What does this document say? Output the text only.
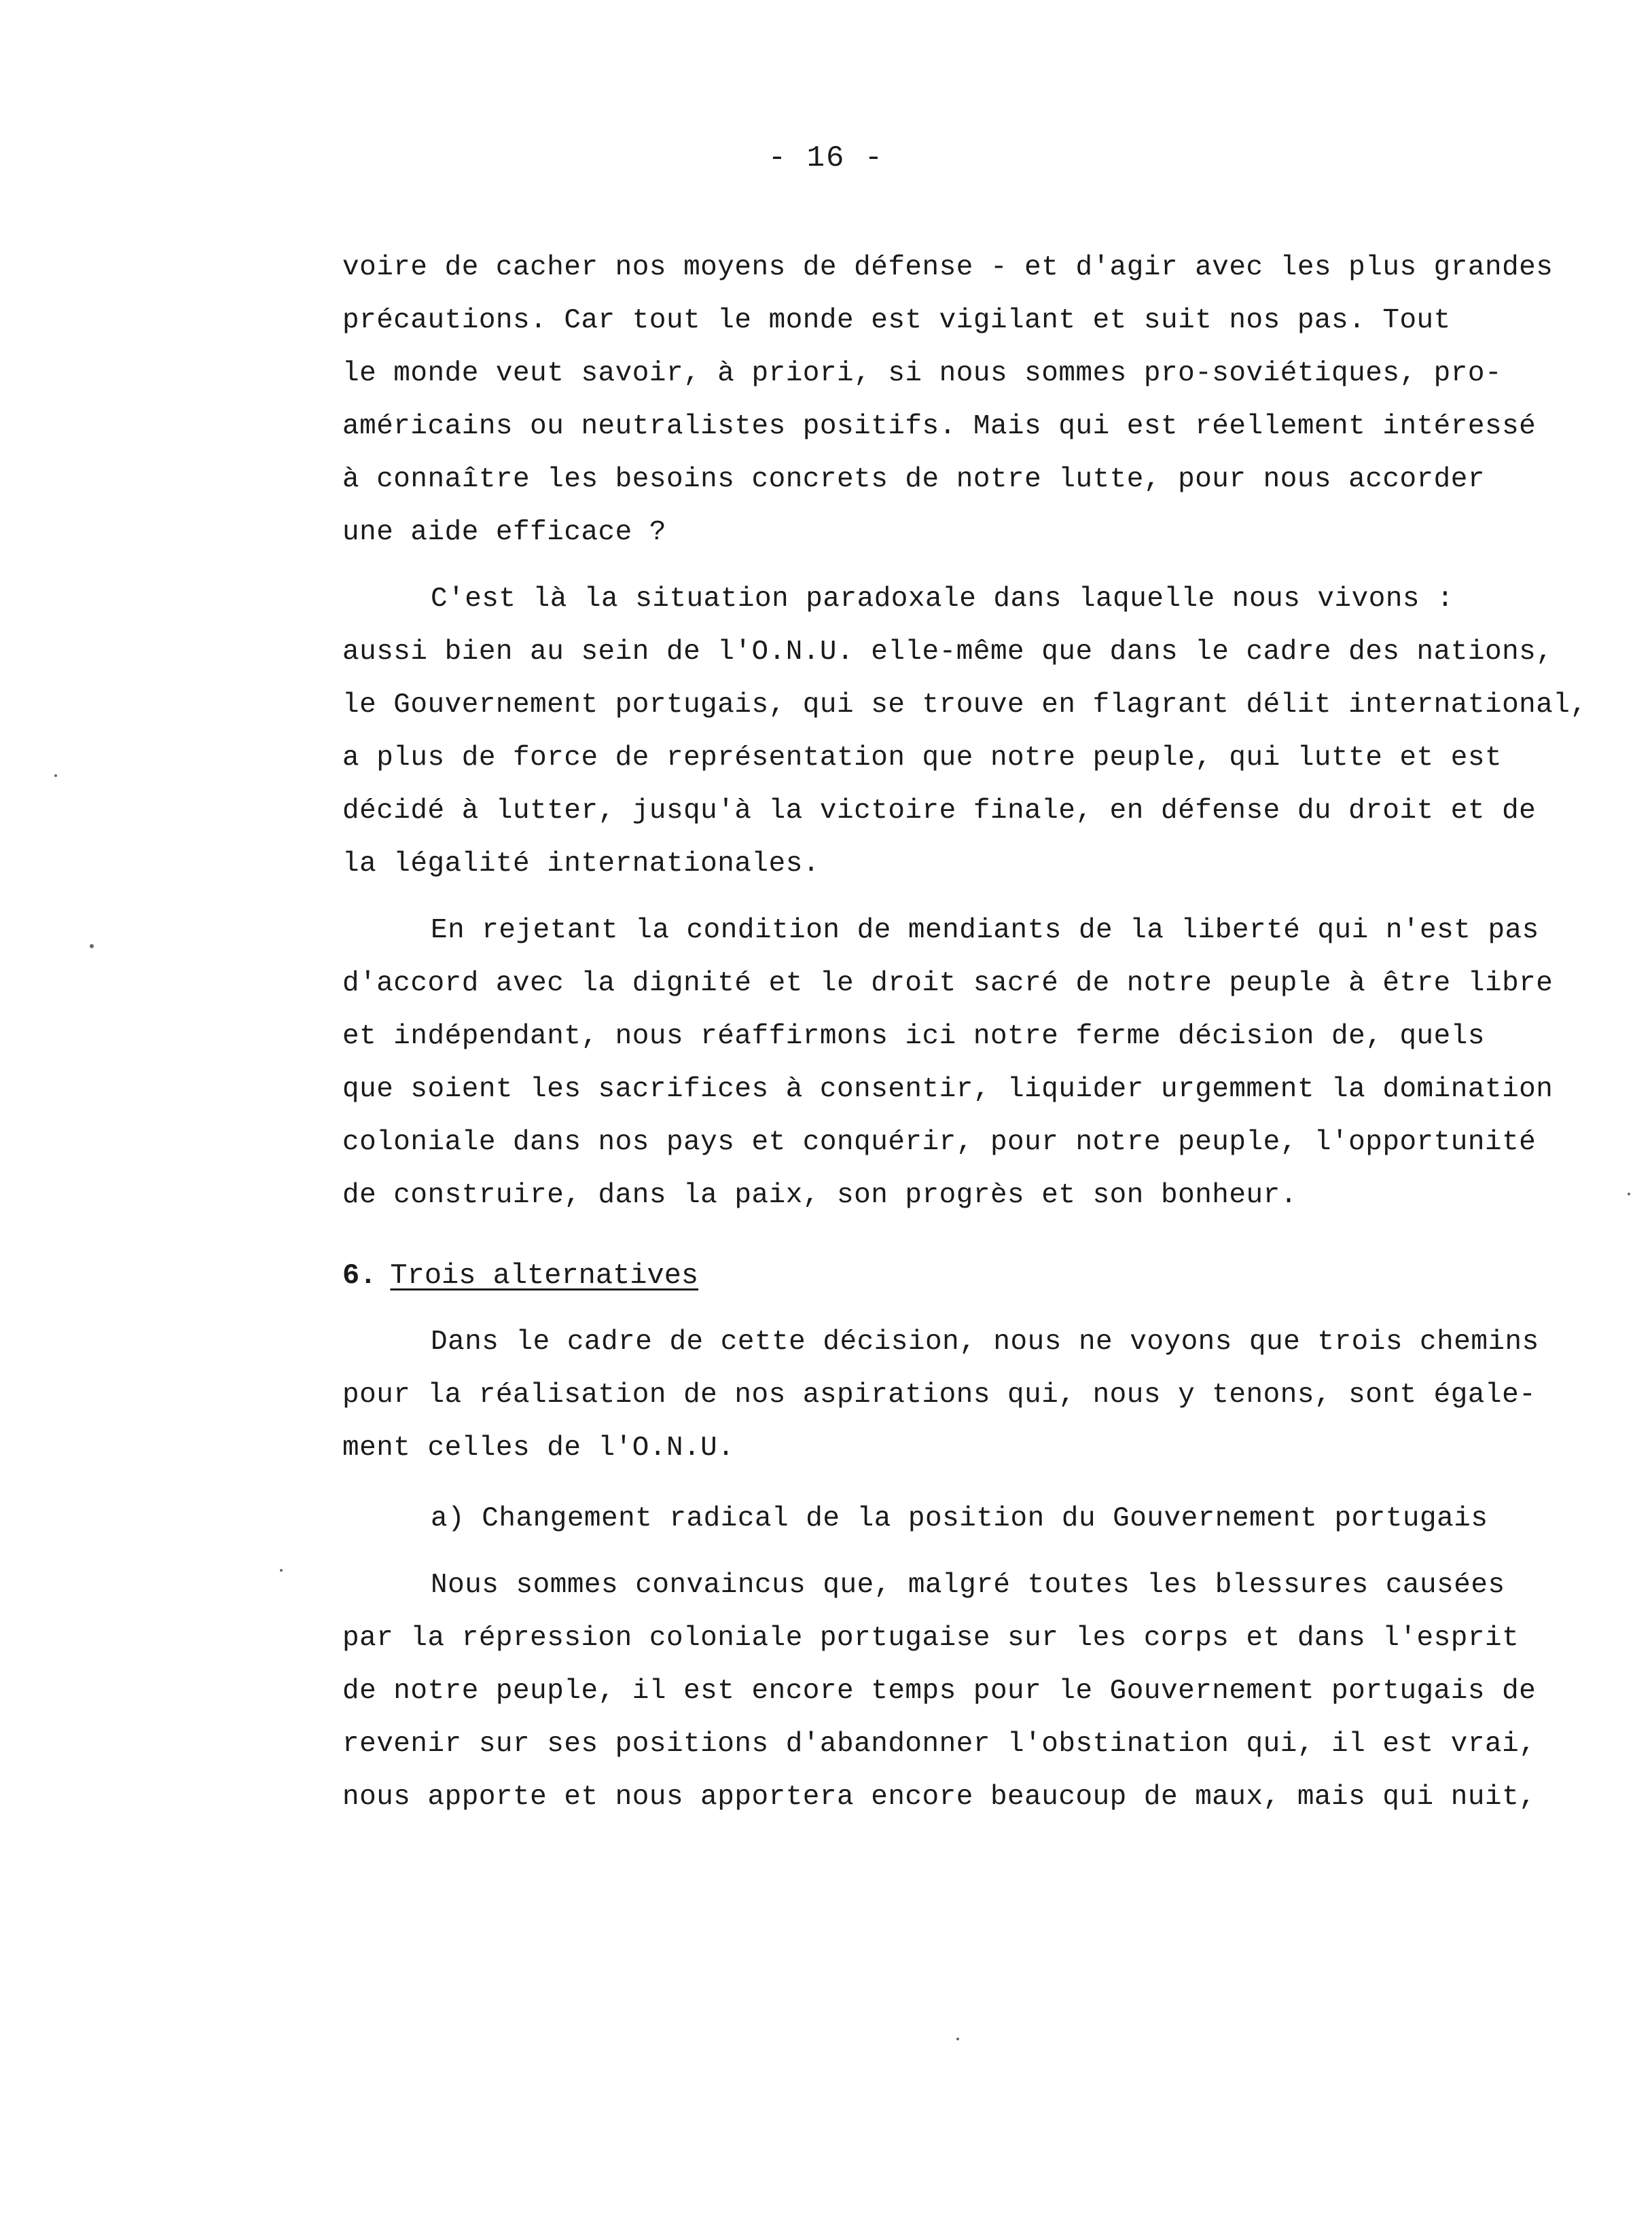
- 16 -
voire de cacher nos moyens de défense - et d'agir avec les plus grandes
précautions. Car tout le monde est vigilant et suit nos pas. Tout
le monde veut savoir, à priori, si nous sommes pro-soviétiques, pro-
américains ou neutralistes positifs. Mais qui est réellement intéressé
à connaître les besoins concrets de notre lutte, pour nous accorder
une aide efficace ?
C'est là la situation paradoxale dans laquelle nous vivons :
aussi bien au sein de l'O.N.U. elle-même que dans le cadre des nations,
le Gouvernement portugais, qui se trouve en flagrant délit international,
a plus de force de représentation que notre peuple, qui lutte et est
décidé à lutter, jusqu'à la victoire finale, en défense du droit et de
la légalité internationales.
En rejetant la condition de mendiants de la liberté qui n'est pas
d'accord avec la dignité et le droit sacré de notre peuple à être libre
et indépendant, nous réaffirmons ici notre ferme décision de, quels
que soient les sacrifices à consentir, liquider urgemment la domination
coloniale dans nos pays et conquérir, pour notre peuple, l'opportunité
de construire, dans la paix, son progrès et son bonheur.
6. Trois alternatives
Dans le cadre de cette décision, nous ne voyons que trois chemins
pour la réalisation de nos aspirations qui, nous y tenons, sont égale-
ment celles de l'O.N.U.
a) Changement radical de la position du Gouvernement portugais
Nous sommes convaincus que, malgré toutes les blessures causées
par la répression coloniale portugaise sur les corps et dans l'esprit
de notre peuple, il est encore temps pour le Gouvernement portugais de
revenir sur ses positions d'abandonner l'obstination qui, il est vrai,
nous apporte et nous apportera encore beaucoup de maux, mais qui nuit,
